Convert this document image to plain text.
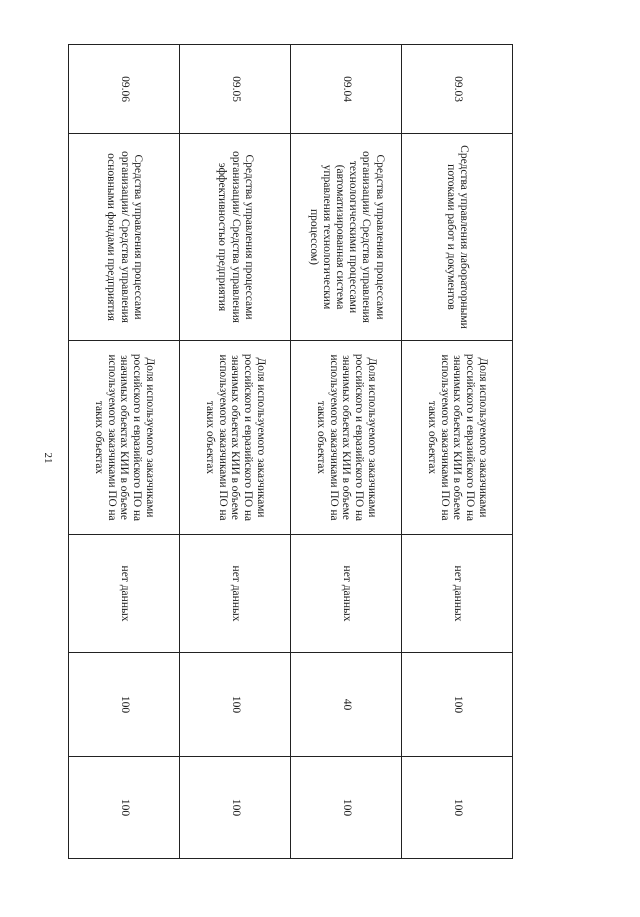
21
09.03	Средства управления лабораторными потоками работ и документов	Доля используемого заказчиками российского и евразийского ПО на значимых объектах КИИ в объеме используемого заказчиками ПО на таких объектах	нет данных	100	100
09.04	Средства управления процессами организации/ Средства управления технологическими процессами (автоматизированная система управления технологическим процессом)	Доля используемого заказчиками российского и евразийского ПО на значимых объектах КИИ в объеме используемого заказчиками ПО на таких объектах	нет данных	40	100
09.05	Средства управления процессами организации/ Средства управления эффективностью предприятия	Доля используемого заказчиками российского и евразийского ПО на значимых объектах КИИ в объеме используемого заказчиками ПО на таких объектах	нет данных	100	100
09.06	Средства управления процессами организации/ Средства управления основными фондами предприятия	Доля используемого заказчиками российского и евразийского ПО на значимых объектах КИИ в объеме используемого заказчиками ПО на таких объектах	нет данных	100	100
